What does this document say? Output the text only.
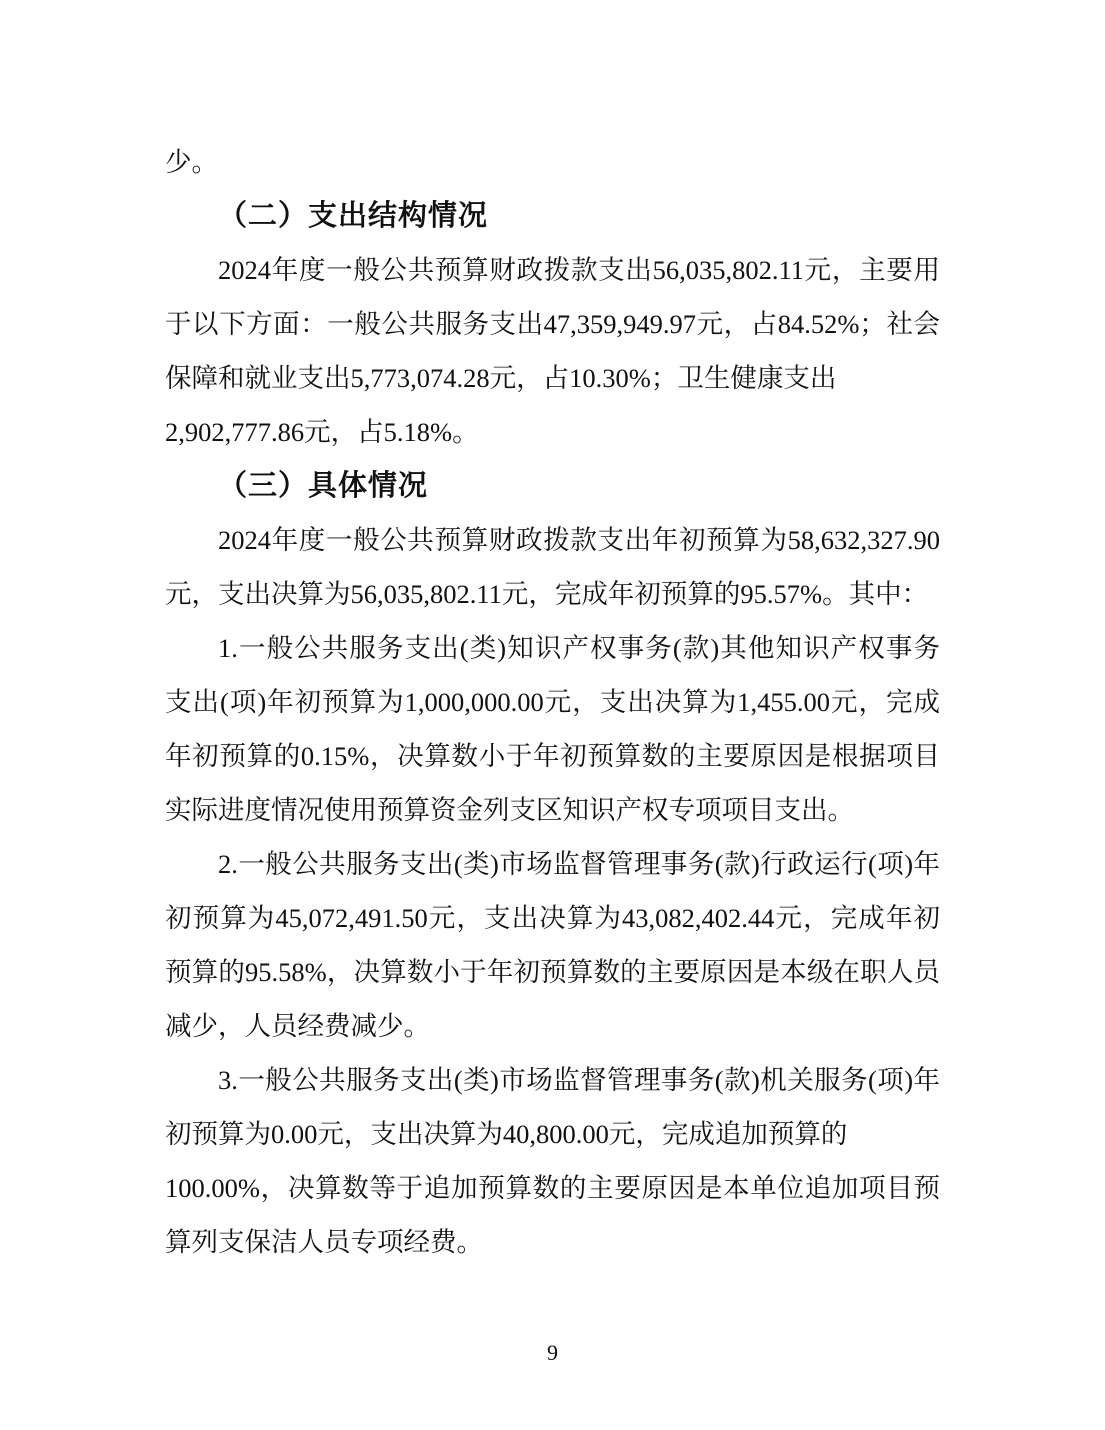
少。
（二）支出结构情况
2024年度一般公共预算财政拨款支出56,035,802.11元，主要用
于以下方面：一般公共服务支出47,359,949.97元，占84.52%；社会
保障和就业支出5,773,074.28元，占10.30%；卫生健康支出
2,902,777.86元，占5.18%。
（三）具体情况
2024年度一般公共预算财政拨款支出年初预算为58,632,327.90
元，支出决算为56,035,802.11元，完成年初预算的95.57%。其中：
1.一般公共服务支出(类)知识产权事务(款)其他知识产权事务
支出(项)年初预算为1,000,000.00元，支出决算为1,455.00元，完成
年初预算的0.15%，决算数小于年初预算数的主要原因是根据项目
实际进度情况使用预算资金列支区知识产权专项项目支出。
2.一般公共服务支出(类)市场监督管理事务(款)行政运行(项)年
初预算为45,072,491.50元，支出决算为43,082,402.44元，完成年初
预算的95.58%，决算数小于年初预算数的主要原因是本级在职人员
减少，人员经费减少。
3.一般公共服务支出(类)市场监督管理事务(款)机关服务(项)年
初预算为0.00元，支出决算为40,800.00元，完成追加预算的
100.00%，决算数等于追加预算数的主要原因是本单位追加项目预
算列支保洁人员专项经费。
9
